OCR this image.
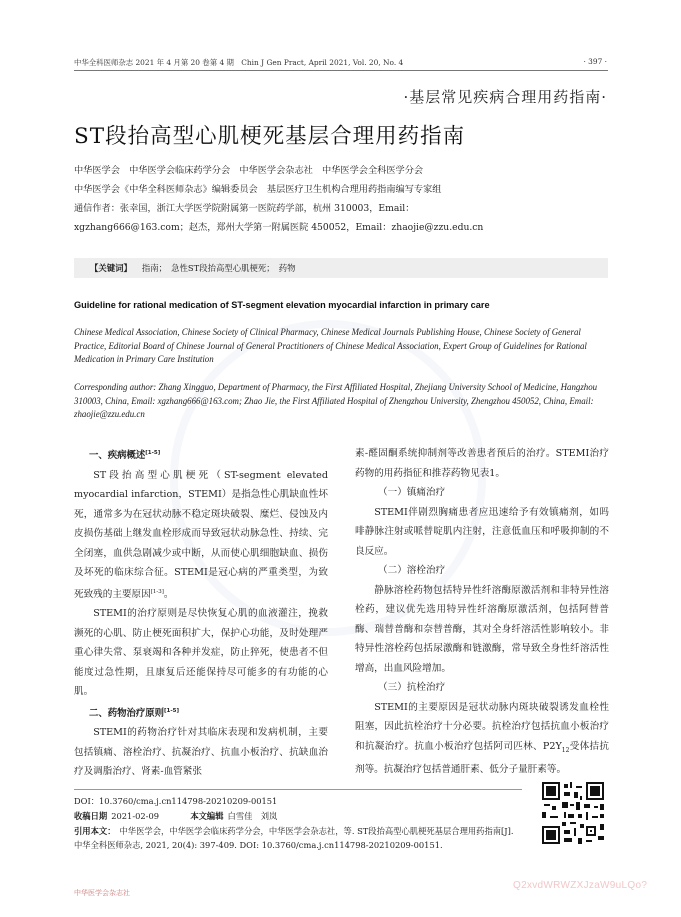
中华全科医师杂志 2021 年 4 月第 20 卷第 4 期　Chin J Gen Pract, April 2021, Vol. 20, No. 4	· 397 ·
·基层常见疾病合理用药指南·
ST段抬高型心肌梗死基层合理用药指南
中华医学会　中华医学会临床药学分会　中华医学会杂志社　中华医学会全科医学分会
中华医学会《中华全科医师杂志》编辑委员会　基层医疗卫生机构合理用药指南编写专家组
通信作者：张幸国，浙江大学医学院附属第一医院药学部，杭州 310003，Email：
xgzhang666@163.com；赵杰，郑州大学第一附属医院 450052，Email：zhaojie@zzu.edu.cn
【关键词】 指南；　急性ST段抬高型心肌梗死；　药物
Guideline for rational medication of ST-segment elevation myocardial infarction in primary care
Chinese Medical Association, Chinese Society of Clinical Pharmacy, Chinese Medical Journals Publishing House, Chinese Society of General Practice, Editorial Board of Chinese Journal of General Practitioners of Chinese Medical Association, Expert Group of Guidelines for Rational Medication in Primary Care Institution
Corresponding author: Zhang Xingguo, Department of Pharmacy, the First Affiliated Hospital, Zhejiang University School of Medicine, Hangzhou 310003, China, Email: xgzhang666@163.com; Zhao Jie, the First Affiliated Hospital of Zhengzhou University, Zhengzhou 450052, China, Email: zhaojie@zzu.edu.cn

一、疾病概述[1-5]

ST段抬高型心肌梗死（ST-segment elevated myocardial infarction，STEMI）是指急性心肌缺血性坏死，通常多为在冠状动脉不稳定斑块破裂、糜烂、侵蚀及内皮损伤基础上继发血栓形成而导致冠状动脉急性、持续、完全闭塞，血供急剧减少或中断，从而使心肌细胞缺血、损伤及坏死的临床综合征。STEMI是冠心病的严重类型，为致死致残的主要原因[1-3]。

STEMI的治疗原则是尽快恢复心肌的血液灌注，挽救濒死的心肌、防止梗死面积扩大，保护心功能，及时处理严重心律失常、泵衰竭和各种并发症，防止猝死，使患者不但能度过急性期，且康复后还能保持尽可能多的有功能的心肌。

二、药物治疗原则[1-5]

STEMI的药物治疗针对其临床表现和发病机制，主要包括镇痛、溶栓治疗、抗凝治疗、抗血小板治疗、抗缺血治疗及调脂治疗、肾素-血管紧张

素-醛固酮系统抑制剂等改善患者预后的治疗。STEMI治疗药物的用药指征和推荐药物见表1。

（一）镇痛治疗

STEMI伴剧烈胸痛患者应迅速给予有效镇痛剂，如吗啡静脉注射或哌替啶肌内注射，注意低血压和呼吸抑制的不良反应。

（二）溶栓治疗

静脉溶栓药物包括特异性纤溶酶原激活剂和非特异性溶栓药，建议优先选用特异性纤溶酶原激活剂，包括阿替普酶、瑞替普酶和奈替普酶，其对全身纤溶活性影响较小。非特异性溶栓药包括尿激酶和链激酶，常导致全身性纤溶活性增高，出血风险增加。

（三）抗栓治疗

STEMI的主要原因是冠状动脉内斑块破裂诱发血栓性阻塞，因此抗栓治疗十分必要。抗栓治疗包括抗血小板治疗和抗凝治疗。抗血小板治疗包括阿司匹林、$P2Y_{12}$受体拮抗剂等。抗凝治疗包括普通肝素、低分子量肝素等。

DOI：10.3760/cma.j.cn114798-20210209-00151
收稿日期 2021-02-09	本文编辑 白雪佳　刘岚
引用本文： 中华医学会，中华医学会临床药学分会，中华医学会杂志社，等. ST段抬高型心肌梗死基层合理用药指南[J]. 中华全科医师杂志, 2021, 20(4): 397-409. DOI: 10.3760/cma.j.cn114798-20210209-00151.
中华医学会杂志社
Q2xvdWRWZXJzaW9uLQo?
